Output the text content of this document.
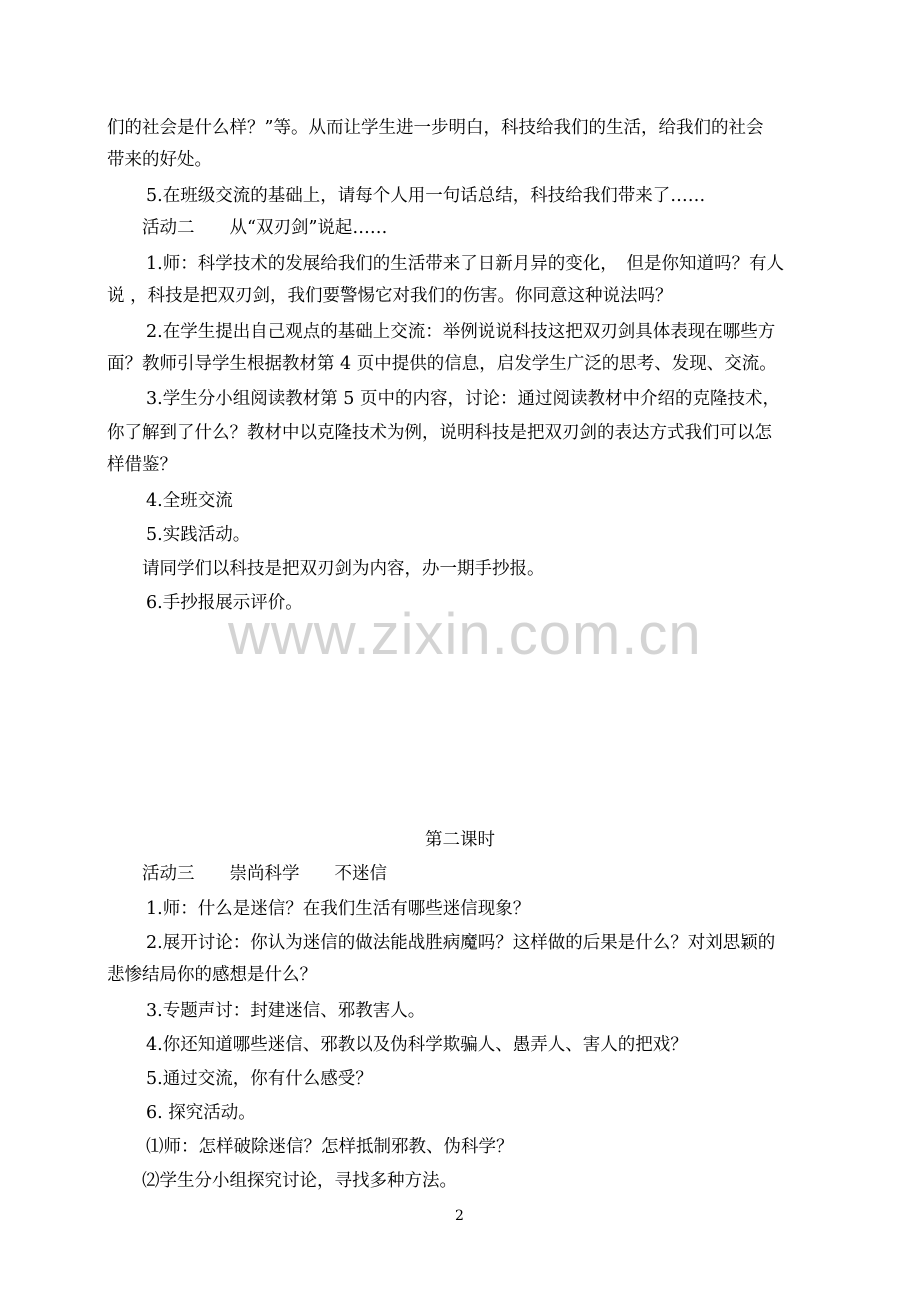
们的社会是什么样？”等。从而让学生进一步明白，科技给我们的生活，给我们的社会
带来的好处。
5.在班级交流的基础上，请每个人用一句话总结，科技给我们带来了……
活动二　　从“双刃剑”说起……
1.师：科学技术的发展给我们的生活带来了日新月异的变化，　但是你知道吗？有人
说 ，科技是把双刃剑，我们要警惕它对我们的伤害。你同意这种说法吗？
2.在学生提出自己观点的基础上交流：举例说说科技这把双刃剑具体表现在哪些方
面？教师引导学生根据教材第 4 页中提供的信息，启发学生广泛的思考、发现、交流。
3.学生分小组阅读教材第 5 页中的内容，讨论：通过阅读教材中介绍的克隆技术，
你了解到了什么？教材中以克隆技术为例，说明科技是把双刃剑的表达方式我们可以怎
样借鉴？
4.全班交流
5.实践活动。
请同学们以科技是把双刃剑为内容，办一期手抄报。
6.手抄报展示评价。
www.zixin.com.cn
第二课时
活动三　　崇尚科学　　不迷信
1.师：什么是迷信？在我们生活有哪些迷信现象？
2.展开讨论：你认为迷信的做法能战胜病魔吗？这样做的后果是什么？对刘思颖的
悲惨结局你的感想是什么？
3.专题声讨：封建迷信、邪教害人。
4.你还知道哪些迷信、邪教以及伪科学欺骗人、愚弄人、害人的把戏？
5.通过交流，你有什么感受？
6. 探究活动。
⑴师：怎样破除迷信？怎样抵制邪教、伪科学？
⑵学生分小组探究讨论，寻找多种方法。
2
